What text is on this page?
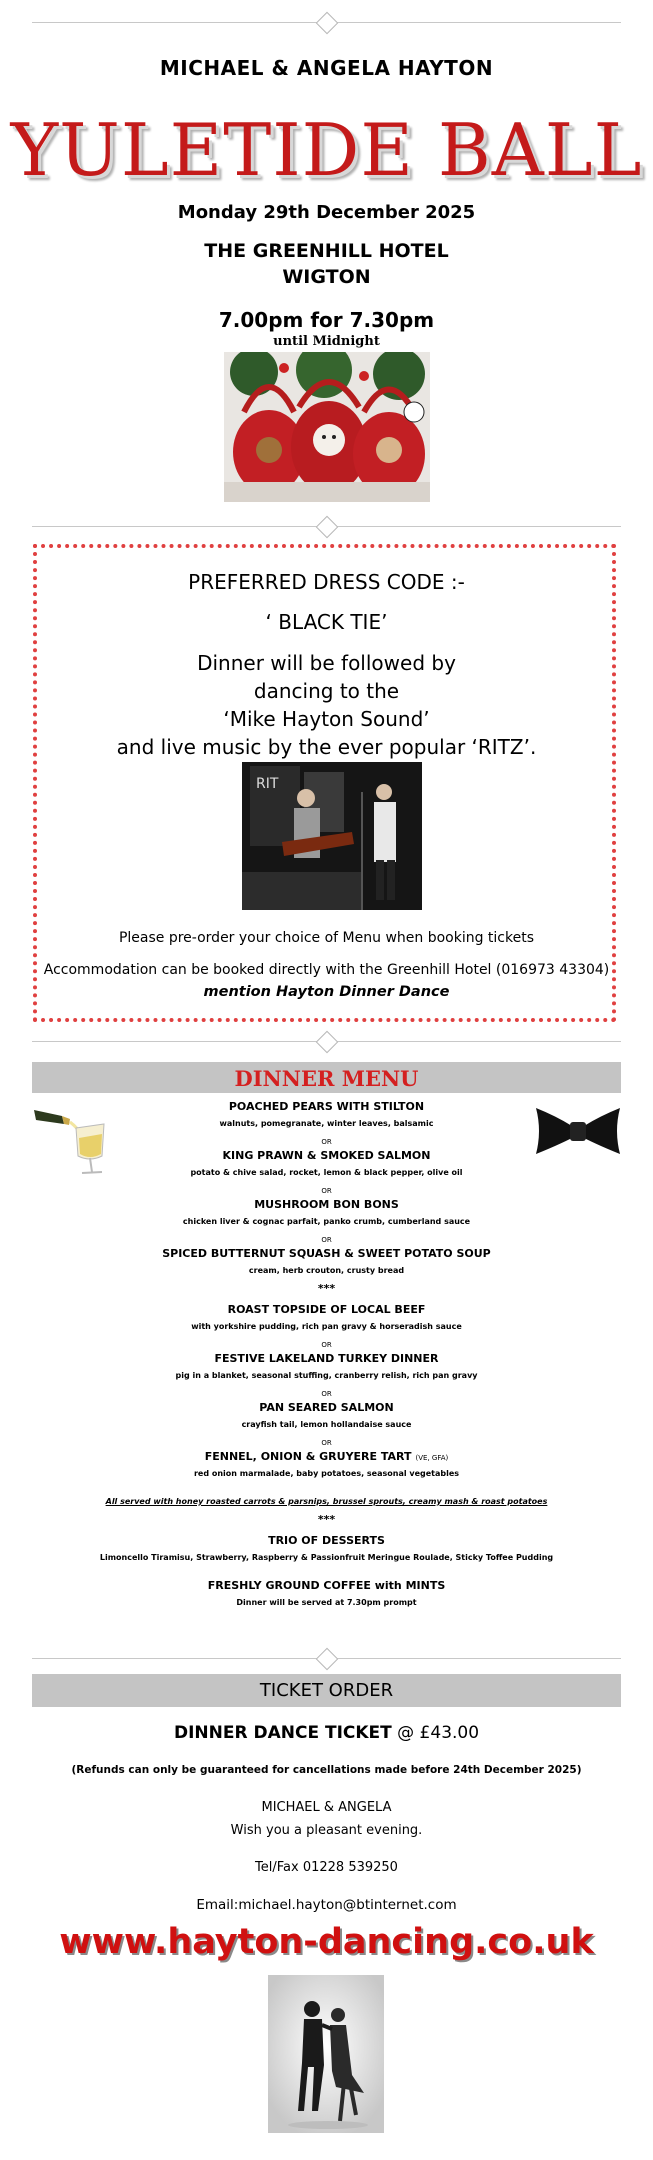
MICHAEL & ANGELA HAYTON
YULETIDE BALL
Monday 29th December 2025
THE GREENHILL HOTEL
WIGTON
7.00pm for 7.30pm
until Midnight
PREFERRED DRESS CODE :-
‘ BLACK TIE’
Dinner will be followed by
dancing to the
‘Mike Hayton Sound’
and live music by the ever popular ‘RITZ’.
RIT
Please pre-order your choice of Menu when booking tickets
Accommodation can be booked directly with the Greenhill Hotel (016973 43304)
mention Hayton Dinner Dance
DINNER MENU
POACHED PEARS WITH STILTON
walnuts, pomegranate, winter leaves, balsamic
OR
KING PRAWN & SMOKED SALMON
potato & chive salad, rocket, lemon & black pepper, olive oil
OR
MUSHROOM BON BONS
chicken liver & cognac parfait, panko crumb, cumberland sauce
OR
SPICED BUTTERNUT SQUASH & SWEET POTATO SOUP
cream, herb crouton, crusty bread
***
ROAST TOPSIDE OF LOCAL BEEF
with yorkshire pudding, rich pan gravy & horseradish sauce
OR
FESTIVE LAKELAND TURKEY DINNER
pig in a blanket, seasonal stuffing, cranberry relish, rich pan gravy
OR
PAN SEARED SALMON
crayfish tail, lemon hollandaise sauce
OR
FENNEL, ONION & GRUYERE TART (VE, GFA)
red onion marmalade, baby potatoes, seasonal vegetables
All served with honey roasted carrots & parsnips, brussel sprouts, creamy mash & roast potatoes
***
TRIO OF DESSERTS
Limoncello Tiramisu, Strawberry, Raspberry & Passionfruit Meringue Roulade, Sticky Toffee Pudding
FRESHLY GROUND COFFEE with MINTS
Dinner will be served at 7.30pm prompt
TICKET ORDER
DINNER DANCE TICKET @ £43.00
(Refunds can only be guaranteed for cancellations made before 24th December 2025)
MICHAEL & ANGELA
Wish you a pleasant evening.
Tel/Fax 01228 539250
Email:michael.hayton@btinternet.com
www.hayton-dancing.co.uk
